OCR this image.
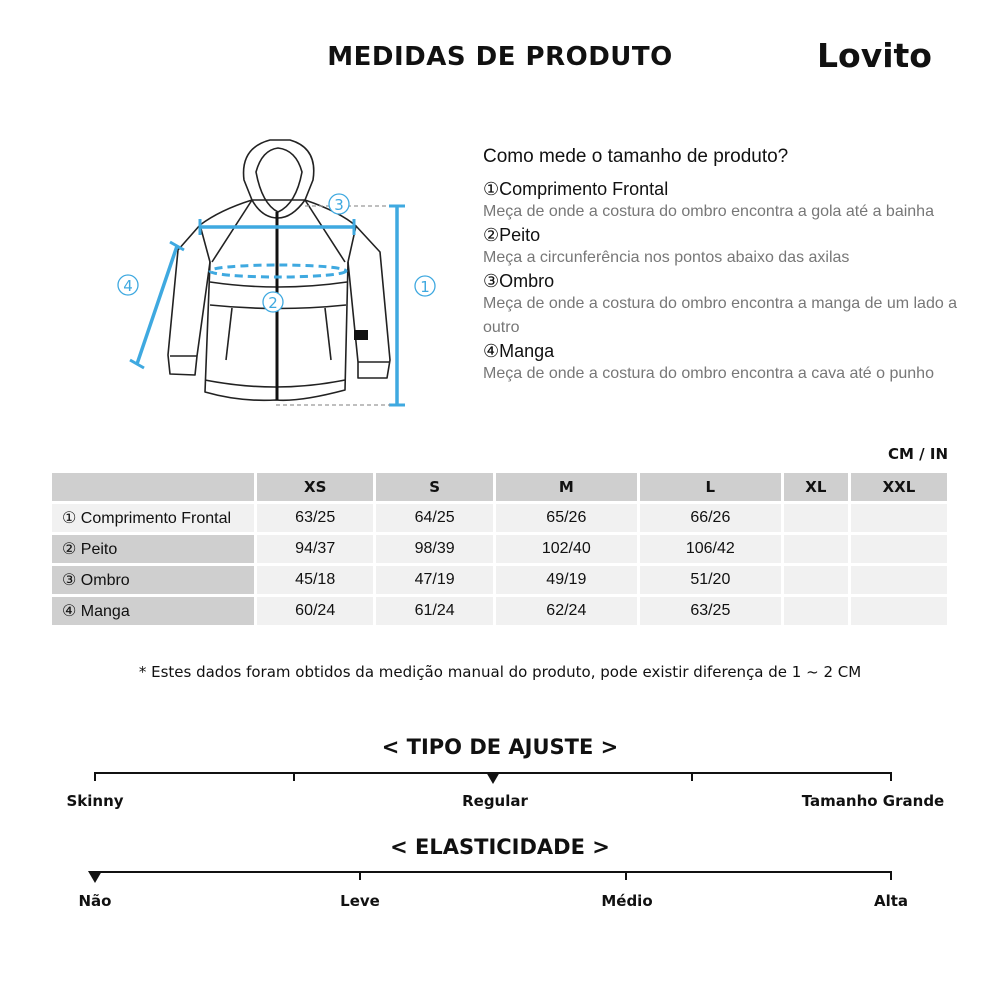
MEDIDAS DE PRODUTO	Lovito
3
2
1
4
Como mede o tamanho de produto?
①Comprimento Frontal
Meça de onde a costura do ombro encontra a gola até a bainha
②Peito
Meça a circunferência nos pontos abaixo das axilas
③Ombro
Meça de onde a costura do ombro encontra a manga de um lado a outro
④Manga
Meça de onde a costura do ombro encontra a cava até o punho
CM / IN
	XS	S	M	L	XL	XXL
① Comprimento Frontal	63/25	64/25	65/26	66/26		
② Peito	94/37	98/39	102/40	106/42		
③ Ombro	45/18	47/19	49/19	51/20		
④ Manga	60/24	61/24	62/24	63/25		
* Estes dados foram obtidos da medição manual do produto, pode existir diferença de 1 ~ 2 CM
< TIPO DE AJUSTE >
Skinny	Regular	Tamanho Grande
< ELASTICIDADE >
Não	Leve	Médio	Alta
